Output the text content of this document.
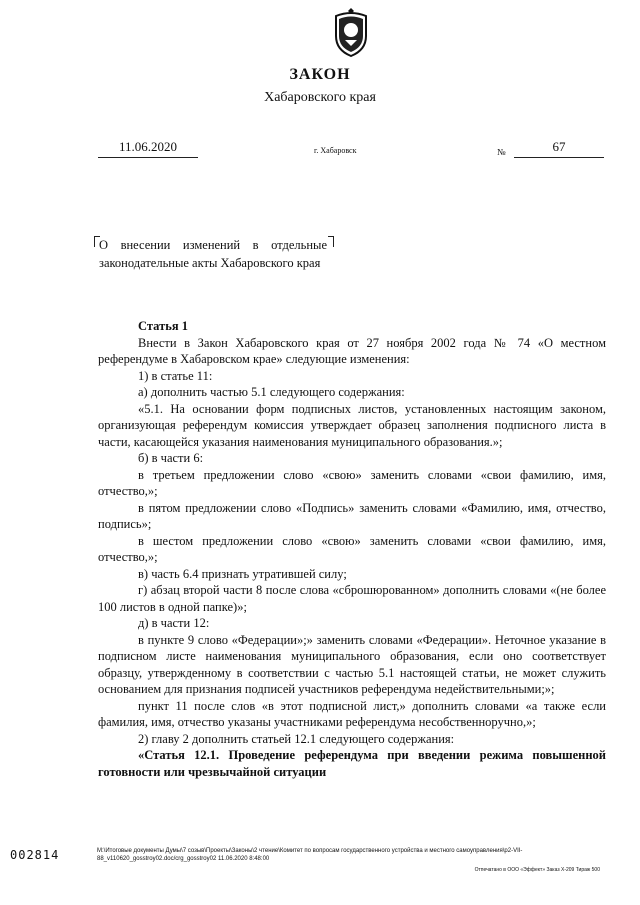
ЗАКОН
Хабаровского края
11.06.2020	г. Хабаровск	№	67
О внесении изменений в отдельные законодательные акты Хабаровского края

Статья 1

Внести в Закон Хабаровского края от 27 ноября 2002 года № 74 «О местном референдуме в Хабаровском крае» следующие изменения:

1) в статье 11:

а) дополнить частью 5.1 следующего содержания:

«5.1. На основании форм подписных листов, установленных настоящим законом, организующая референдум комиссия утверждает образец заполнения подписного листа в части, касающейся указания наименования муниципального образования.»;

б) в части 6:

в третьем предложении слово «свою» заменить словами «свои фамилию, имя, отчество,»;

в пятом предложении слово «Подпись» заменить словами «Фамилию, имя, отчество, подпись»;

в шестом предложении слово «свою» заменить словами «свои фамилию, имя, отчество,»;

в) часть 6.4 признать утратившей силу;

г) абзац второй части 8 после слова «сброшюрованном» дополнить словами «(не более 100 листов в одной папке)»;

д) в части 12:

в пункте 9 слово «Федерации»;» заменить словами «Федерации». Неточное указание в подписном листе наименования муниципального образования, если оно соответствует образцу, утвержденному в соответствии с частью 5.1 настоящей статьи, не может служить основанием для признания подписей участников референдума недействительными;»;

пункт 11 после слов «в этот подписной лист,» дополнить словами «а также если фамилия, имя, отчество указаны участниками референдума несобственноручно,»;

2) главу 2 дополнить статьей 12.1 следующего содержания:

«Статья 12.1. Проведение референдума при введении режима повышенной готовности или чрезвычайной ситуации

002814	М:\Итоговые документы Думы\7 созыв\Проекты\Законы\2 чтение\Комитет по вопросам государственного устройства и местного самоуправления\p2-VII-88_v110620_gosstroy02.doc/crg_gosstroy02 11.06.2020 8:48:00
Отпечатано в ООО «Эффект» Заказ Х-209 Тираж 500
